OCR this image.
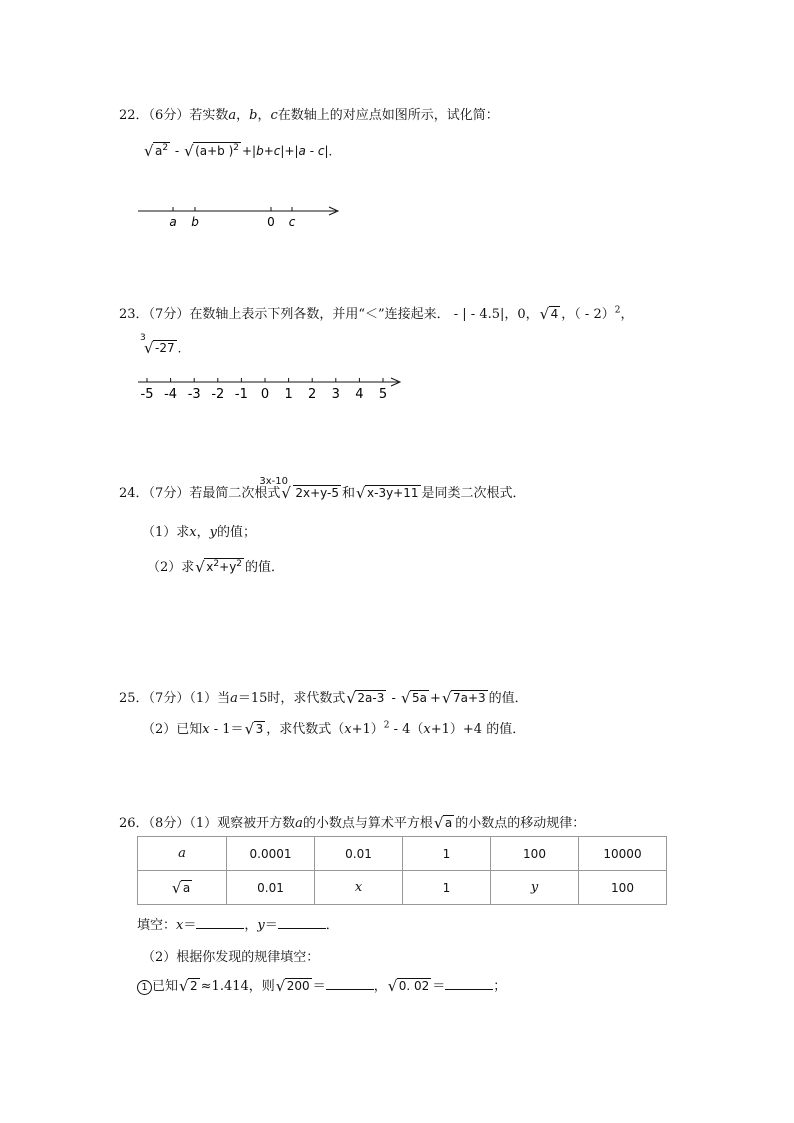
22．（6分）若实数a，b，c在数轴上的对应点如图所示，试化简：
√ $a^2$ - √ (a+b )$^2$ +|b+c|+|a - c|．
a b	0 c
23．（7分）在数轴上表示下列各数，并用“＜”连接起来． - | - 4.5|，0， √ 4 ，（ - 2）$^2$，
3
√ -27 ．
-5 -4 -3 -2 -1 0 1 2 3 4 5
24．（7分）若最简二次根式
3x-10
√ 2x+y-5 和 √ x-3y+11 是同类二次根式．
（1）求x，y的值；
（2）求 √ $x^2+y^2$ 的值．
25．（7分）（1）当a＝15时，求代数式 √ 2a-3 - √ 5a + √ 7a+3 的值．
（2）已知x - 1＝ √ 3 ，求代数式$(x+1)^2 - 4(x+1)+4$ 的值．
26．（8分）（1）观察被开方数a的小数点与算术平方根 √ a 的小数点的移动规律：
a	0.0001	0.01	1	100	10000

√ a	0.01	x	1	y	100
填空：x＝	，y＝	．
（2）根据你发现的规律填空：
1 已知 √ 2 ≈1.414，则 √ 200 ＝	， √ 0. 02 ＝	；
